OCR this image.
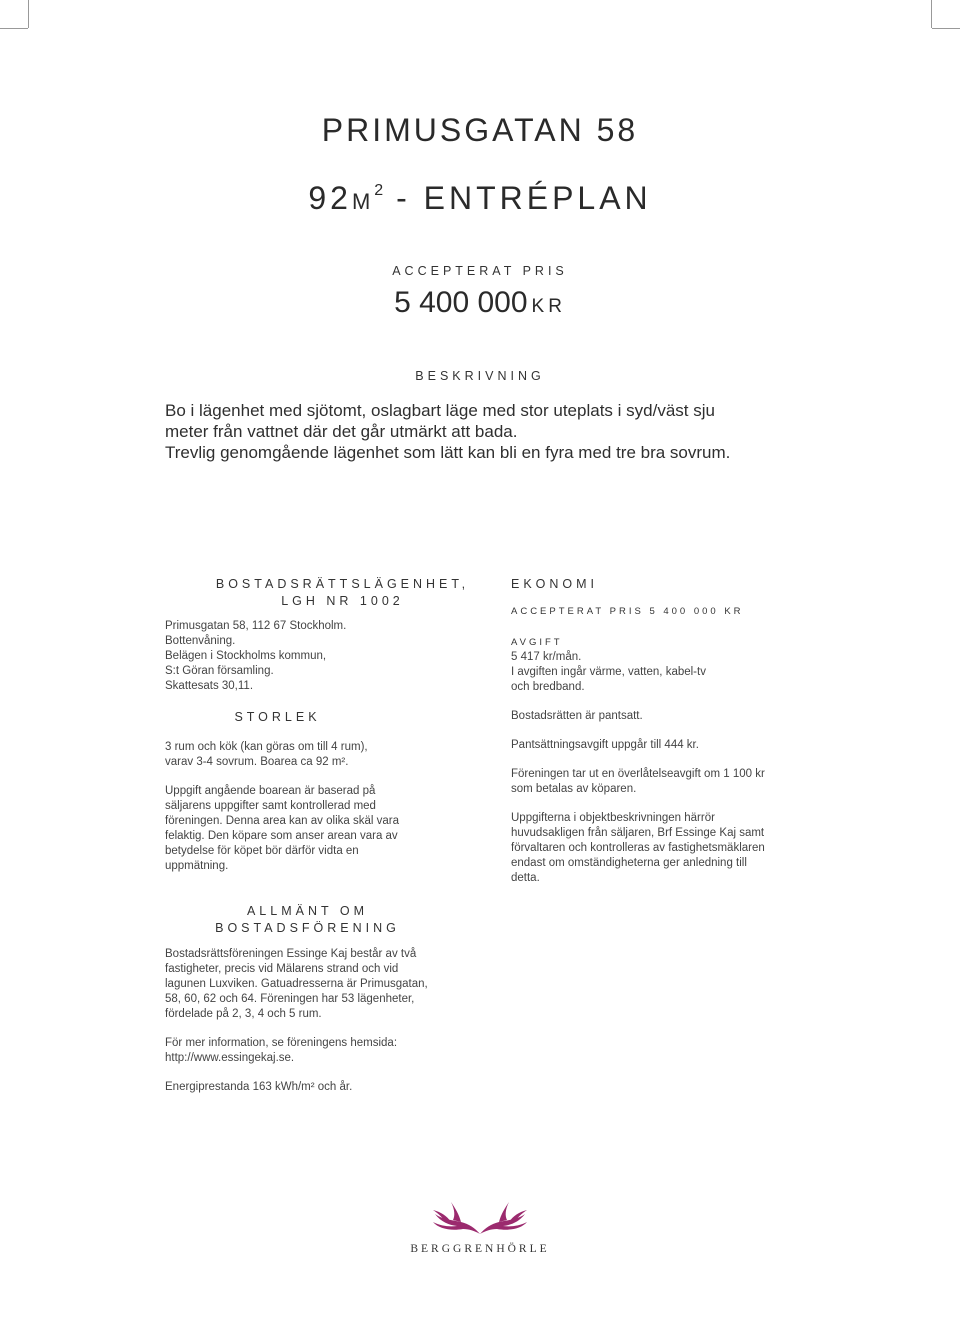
PRIMUSGATAN 58
$92M^2$ - ENTRÉPLAN
ACCEPTERAT PRIS
5 400 000 KR
BESKRIVNING
Bo i lägenhet med sjötomt, oslagbart läge med stor uteplats i syd/väst sju
meter från vattnet där det går utmärkt att bada.
Trevlig genomgående lägenhet som lätt kan bli en fyra med tre bra sovrum.
BOSTADSRÄTTSLÄGENHET,
LGH NR 1002

Primusgatan 58, 112 67 Stockholm.

Bottenvåning.

Belägen i Stockholms kommun,

S:t Göran församling.

Skattesats 30,11.

STORLEK

3 rum och kök (kan göras om till 4 rum),

varav 3-4 sovrum. Boarea ca 92 m².

Uppgift angående boarean är baserad på

säljarens uppgifter samt kontrollerad med

föreningen. Denna area kan av olika skäl vara

felaktig. Den köpare som anser arean vara av

betydelse för köpet bör därför vidta en

uppmätning.

EKONOMI

ACCEPTERAT PRIS 5 400 000 KR

AVGIFT

5 417 kr/mån.

I avgiften ingår värme, vatten, kabel-tv

och bredband.

Bostadsrätten är pantsatt.

Pantsättningsavgift uppgår till 444 kr.

Föreningen tar ut en överlåtelseavgift om 1 100 kr

som betalas av köparen.

Uppgifterna i objektbeskrivningen härrör

huvudsakligen från säljaren, Brf Essinge Kaj samt

förvaltaren och kontrolleras av fastighetsmäklaren

endast om omständigheterna ger anledning till

detta.

ALLMÄNT OM
BOSTADSFÖRENING

Bostadsrättsföreningen Essinge Kaj består av två

fastigheter, precis vid Mälarens strand och vid

lagunen Luxviken. Gatuadresserna är Primusgatan,

58, 60, 62 och 64. Föreningen har 53 lägenheter,

fördelade på 2, 3, 4 och 5 rum.

För mer information, se föreningens hemsida:

http://www.essingekaj.se.

Energiprestanda 163 kWh/m² och år.

BERGGRENHÖRLE
